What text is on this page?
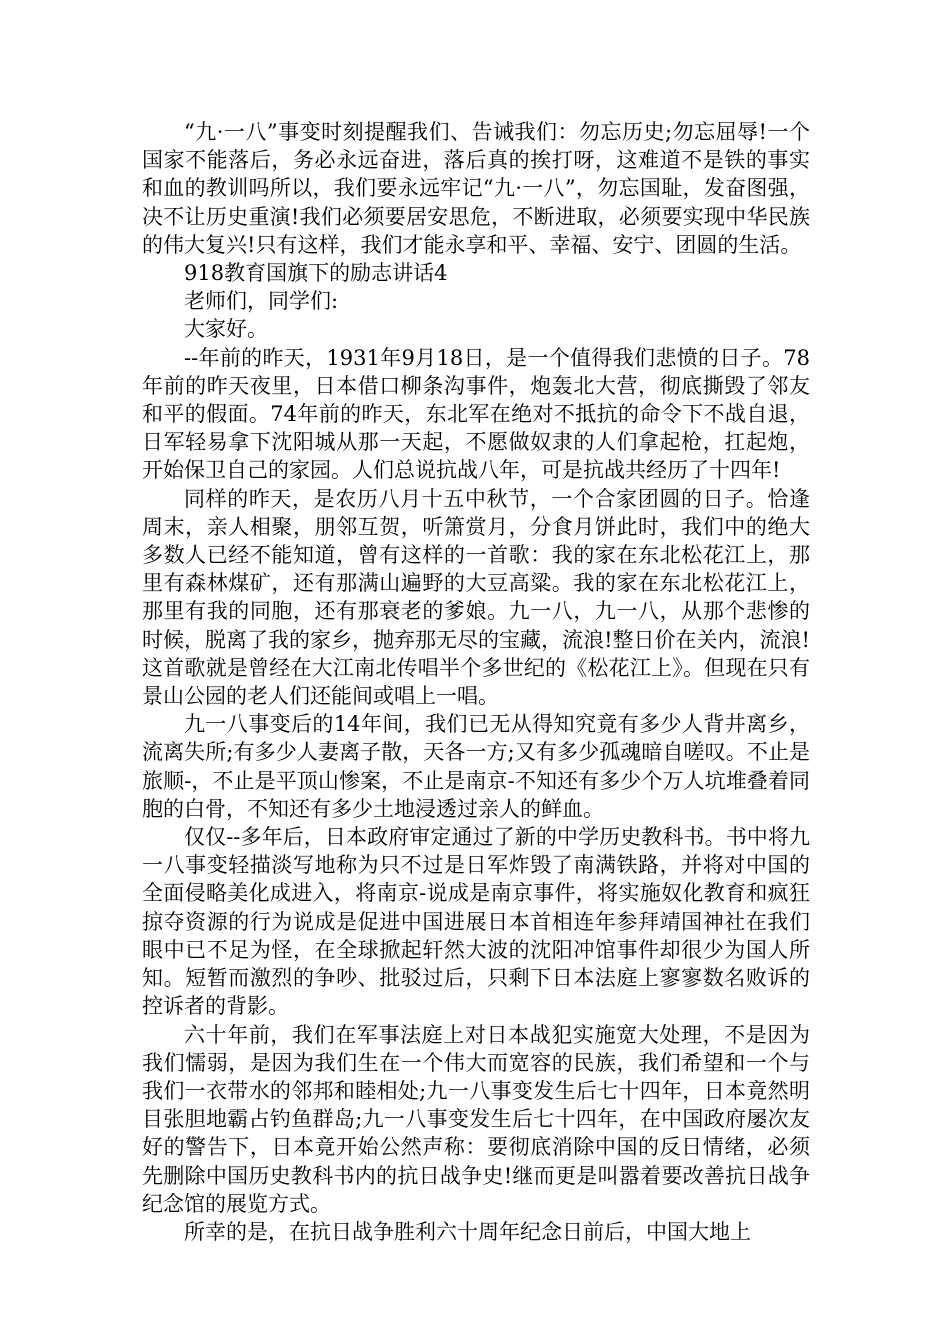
“九·一八”事变时刻提醒我们、告诫我们：勿忘历史;勿忘屈辱!一个国家不能落后，务必永远奋进，落后真的挨打呀，这难道不是铁的事实和血的教训吗所以，我们要永远牢记“九·一八”，勿忘国耻，发奋图强，决不让历史重演!我们必须要居安思危，不断进取，必须要实现中华民族的伟大复兴!只有这样，我们才能永享和平、幸福、安宁、团圆的生活。

918教育国旗下的励志讲话4

老师们，同学们:

大家好。

--年前的昨天，1931年9月18日，是一个值得我们悲愤的日子。78年前的昨天夜里，日本借口柳条沟事件，炮轰北大营，彻底撕毁了邻友和平的假面。74年前的昨天，东北军在绝对不抵抗的命令下不战自退，日军轻易拿下沈阳城从那一天起，不愿做奴隶的人们拿起枪，扛起炮，开始保卫自己的家园。人们总说抗战八年，可是抗战共经历了十四年!

同样的昨天，是农历八月十五中秋节，一个合家团圆的日子。恰逢周末，亲人相聚，朋邻互贺，听箫赏月，分食月饼此时，我们中的绝大多数人已经不能知道，曾有这样的一首歌：我的家在东北松花江上，那里有森林煤矿，还有那满山遍野的大豆高粱。我的家在东北松花江上，那里有我的同胞，还有那衰老的爹娘。九一八，九一八，从那个悲惨的时候，脱离了我的家乡，抛弃那无尽的宝藏，流浪!整日价在关内，流浪!这首歌就是曾经在大江南北传唱半个多世纪的《松花江上》。但现在只有景山公园的老人们还能间或唱上一唱。

九一八事变后的14年间，我们已无从得知究竟有多少人背井离乡，流离失所;有多少人妻离子散，天各一方;又有多少孤魂暗自嗟叹。不止是旅顺-，不止是平顶山惨案，不止是南京-不知还有多少个万人坑堆叠着同胞的白骨，不知还有多少土地浸透过亲人的鲜血。

仅仅--多年后，日本政府审定通过了新的中学历史教科书。书中将九一八事变轻描淡写地称为只不过是日军炸毁了南满铁路，并将对中国的全面侵略美化成进入，将南京-说成是南京事件，将实施奴化教育和疯狂掠夺资源的行为说成是促进中国进展日本首相连年参拜靖国神社在我们眼中已不足为怪，在全球掀起轩然大波的沈阳冲馆事件却很少为国人所知。短暂而激烈的争吵、批驳过后，只剩下日本法庭上寥寥数名败诉的控诉者的背影。

六十年前，我们在军事法庭上对日本战犯实施宽大处理，不是因为我们懦弱，是因为我们生在一个伟大而宽容的民族，我们希望和一个与我们一衣带水的邻邦和睦相处;九一八事变发生后七十四年，日本竟然明目张胆地霸占钓鱼群岛;九一八事变发生后七十四年，在中国政府屡次友好的警告下，日本竟开始公然声称：要彻底消除中国的反日情绪，必须先删除中国历史教科书内的抗日战争史!继而更是叫嚣着要改善抗日战争纪念馆的展览方式。

所幸的是，在抗日战争胜利六十周年纪念日前后，中国大地上
